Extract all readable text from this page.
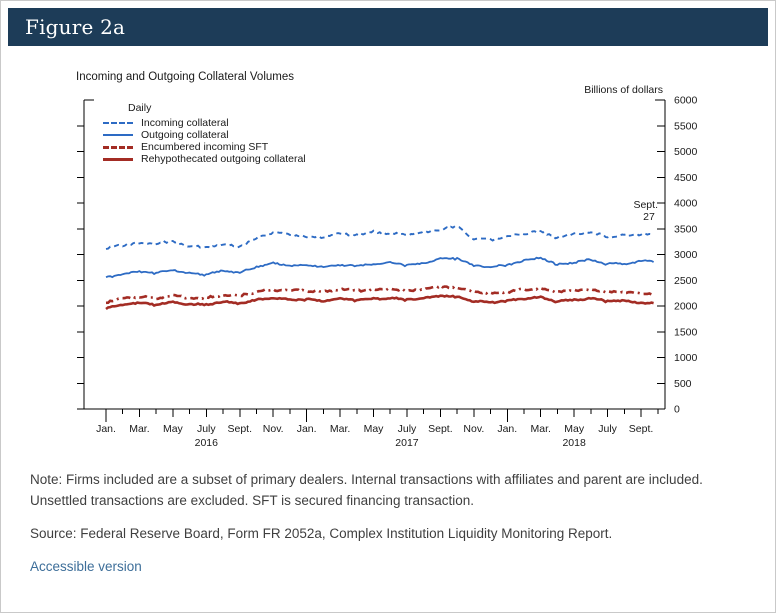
Figure 2a
Incoming and Outgoing Collateral Volumes
Billions of dollars
Daily
Incoming collateral
Outgoing collateral
Encumbered incoming SFT
Rehypothecated outgoing collateral
0
500
1000
1500
2000
2500
3000
3500
4000
4500
5000
5500
6000
Jan. Mar. May July Sept. Nov. Jan. Mar. May July Sept. Nov. Jan. Mar. May July Sept.
2016	2017	2018
Sept.
27

Note: Firms included are a subset of primary dealers. Internal transactions with affiliates and parent are included. Unsettled transactions are excluded. SFT is secured financing transaction.

Source: Federal Reserve Board, Form FR 2052a, Complex Institution Liquidity Monitoring Report.

Accessible version
